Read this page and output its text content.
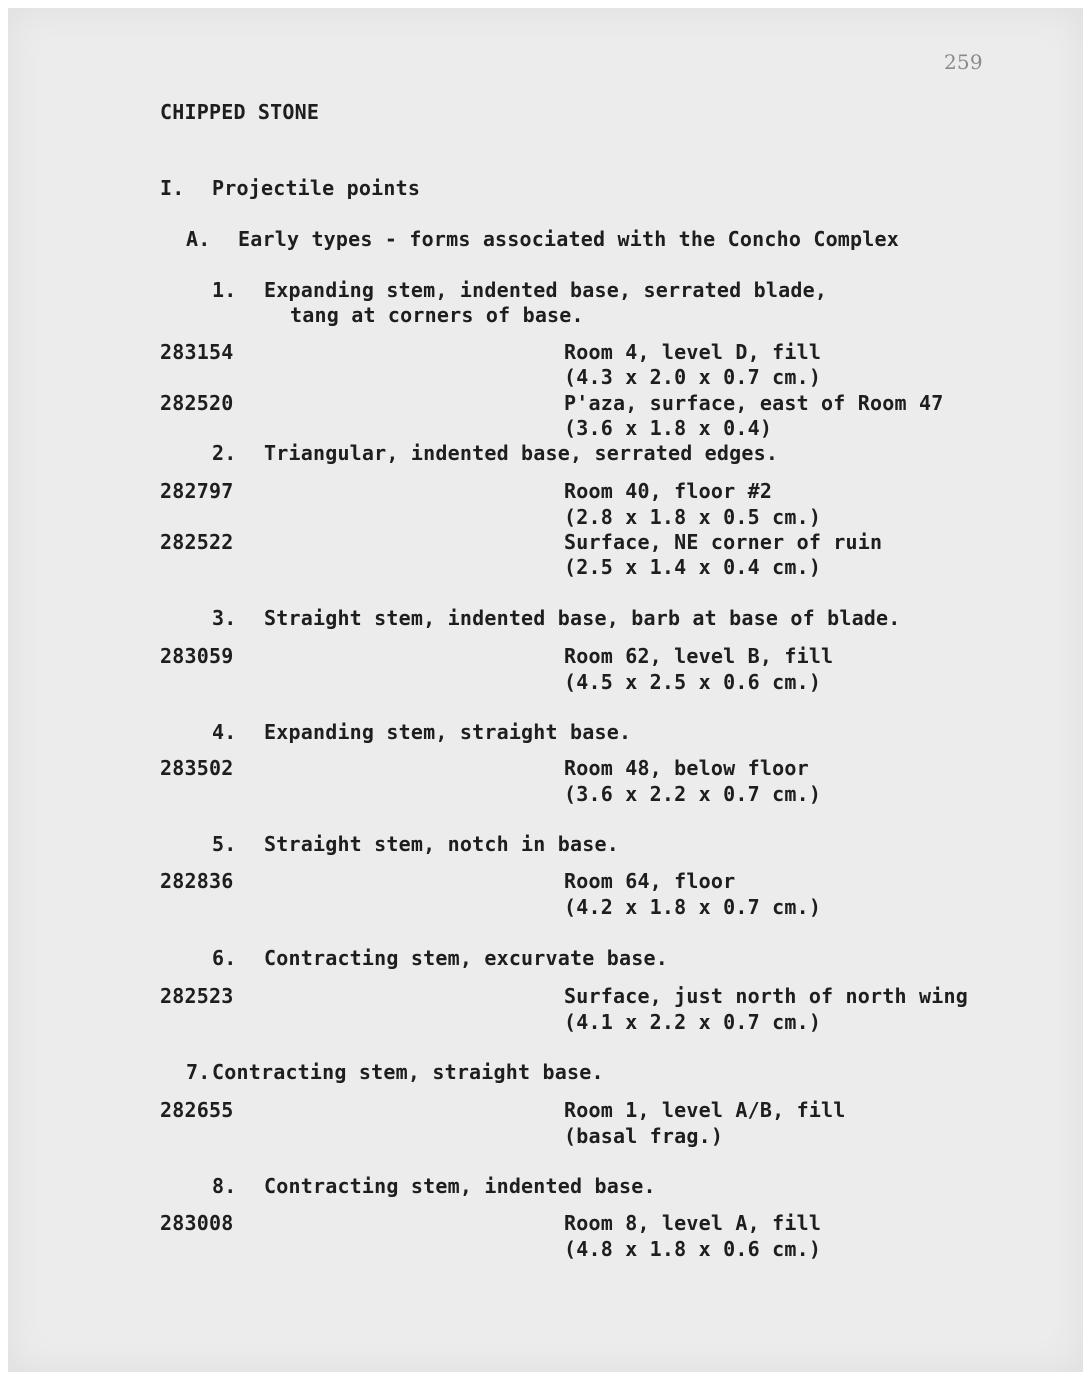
259
CHIPPED STONE
I. Projectile points
A. Early types - forms associated with the Concho Complex
1. Expanding stem, indented base, serrated blade,
tang at corners of base.
283154	Room 4, level D, fill
(4.3 x 2.0 x 0.7 cm.)
282520	P'aza, surface, east of Room 47
(3.6 x 1.8 x 0.4)
2. Triangular, indented base, serrated edges.
282797	Room 40, floor #2
(2.8 x 1.8 x 0.5 cm.)
282522	Surface, NE corner of ruin
(2.5 x 1.4 x 0.4 cm.)
3. Straight stem, indented base, barb at base of blade.
283059	Room 62, level B, fill
(4.5 x 2.5 x 0.6 cm.)
4. Expanding stem, straight base.
283502	Room 48, below floor
(3.6 x 2.2 x 0.7 cm.)
5. Straight stem, notch in base.
282836	Room 64, floor
(4.2 x 1.8 x 0.7 cm.)
6. Contracting stem, excurvate base.
282523	Surface, just north of north wing
(4.1 x 2.2 x 0.7 cm.)
7. Contracting stem, straight base.
282655	Room 1, level A/B, fill
(basal frag.)
8. Contracting stem, indented base.
283008	Room 8, level A, fill
(4.8 x 1.8 x 0.6 cm.)
